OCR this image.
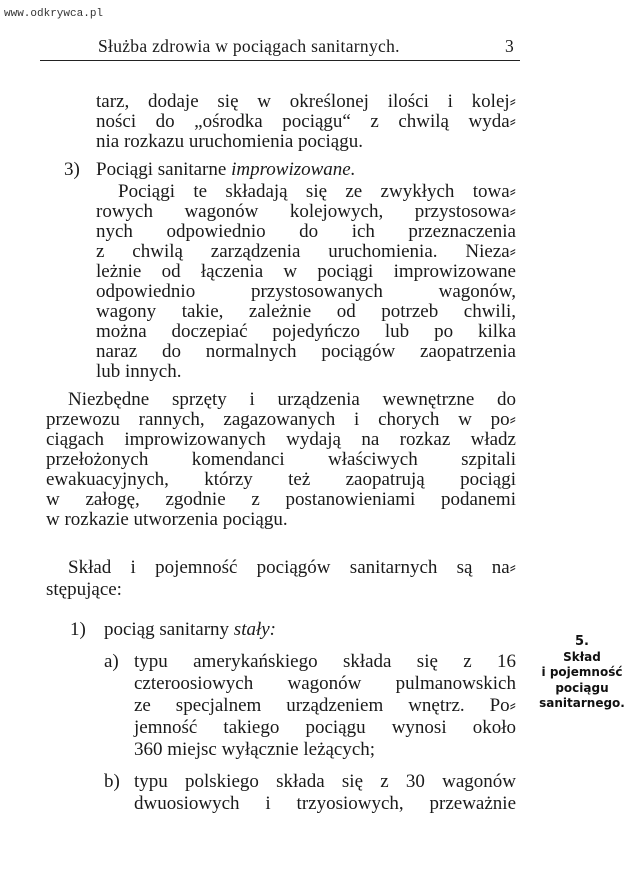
www.odkrywca.pl
Służba zdrowia w pociągach sanitarnych.	3
tarz, dodaje się w określonej ilości i kolej⸗
ności do „ośrodka pociągu“ z chwilą wyda⸗
nia rozkazu uruchomienia pociągu.
3) Pociągi sanitarne improwizowane.
Pociągi te składają się ze zwykłych towa⸗
rowych wagonów kolejowych, przystosowa⸗
nych odpowiednio do ich przeznaczenia
z chwilą zarządzenia uruchomienia. Nieza⸗
leżnie od łączenia w pociągi improwizowane
odpowiednio przystosowanych wagonów,
wagony takie, zależnie od potrzeb chwili,
można doczepiać pojedyńczo lub po kilka
naraz do normalnych pociągów zaopatrzenia
lub innych.
Niezbędne sprzęty i urządzenia wewnętrzne do
przewozu rannych, zagazowanych i chorych w po⸗
ciągach improwizowanych wydają na rozkaz władz
przełożonych komendanci właściwych szpitali
ewakuacyjnych, którzy też zaopatrują pociągi
w załogę, zgodnie z postanowieniami podanemi
w rozkazie utworzenia pociągu.
Skład i pojemność pociągów sanitarnych są na⸗
stępujące:
1) pociąg sanitarny stały:
a) typu amerykańskiego składa się z 16
czteroosiowych wagonów pulmanowskich
ze specjalnem urządzeniem wnętrz. Po⸗
jemność takiego pociągu wynosi około
360 miejsc wyłącznie leżących;
b) typu polskiego składa się z 30 wagonów
dwuosiowych i trzyosiowych, przeważnie
5.
Skład
i pojemność
pociągu
sanitarnego.
